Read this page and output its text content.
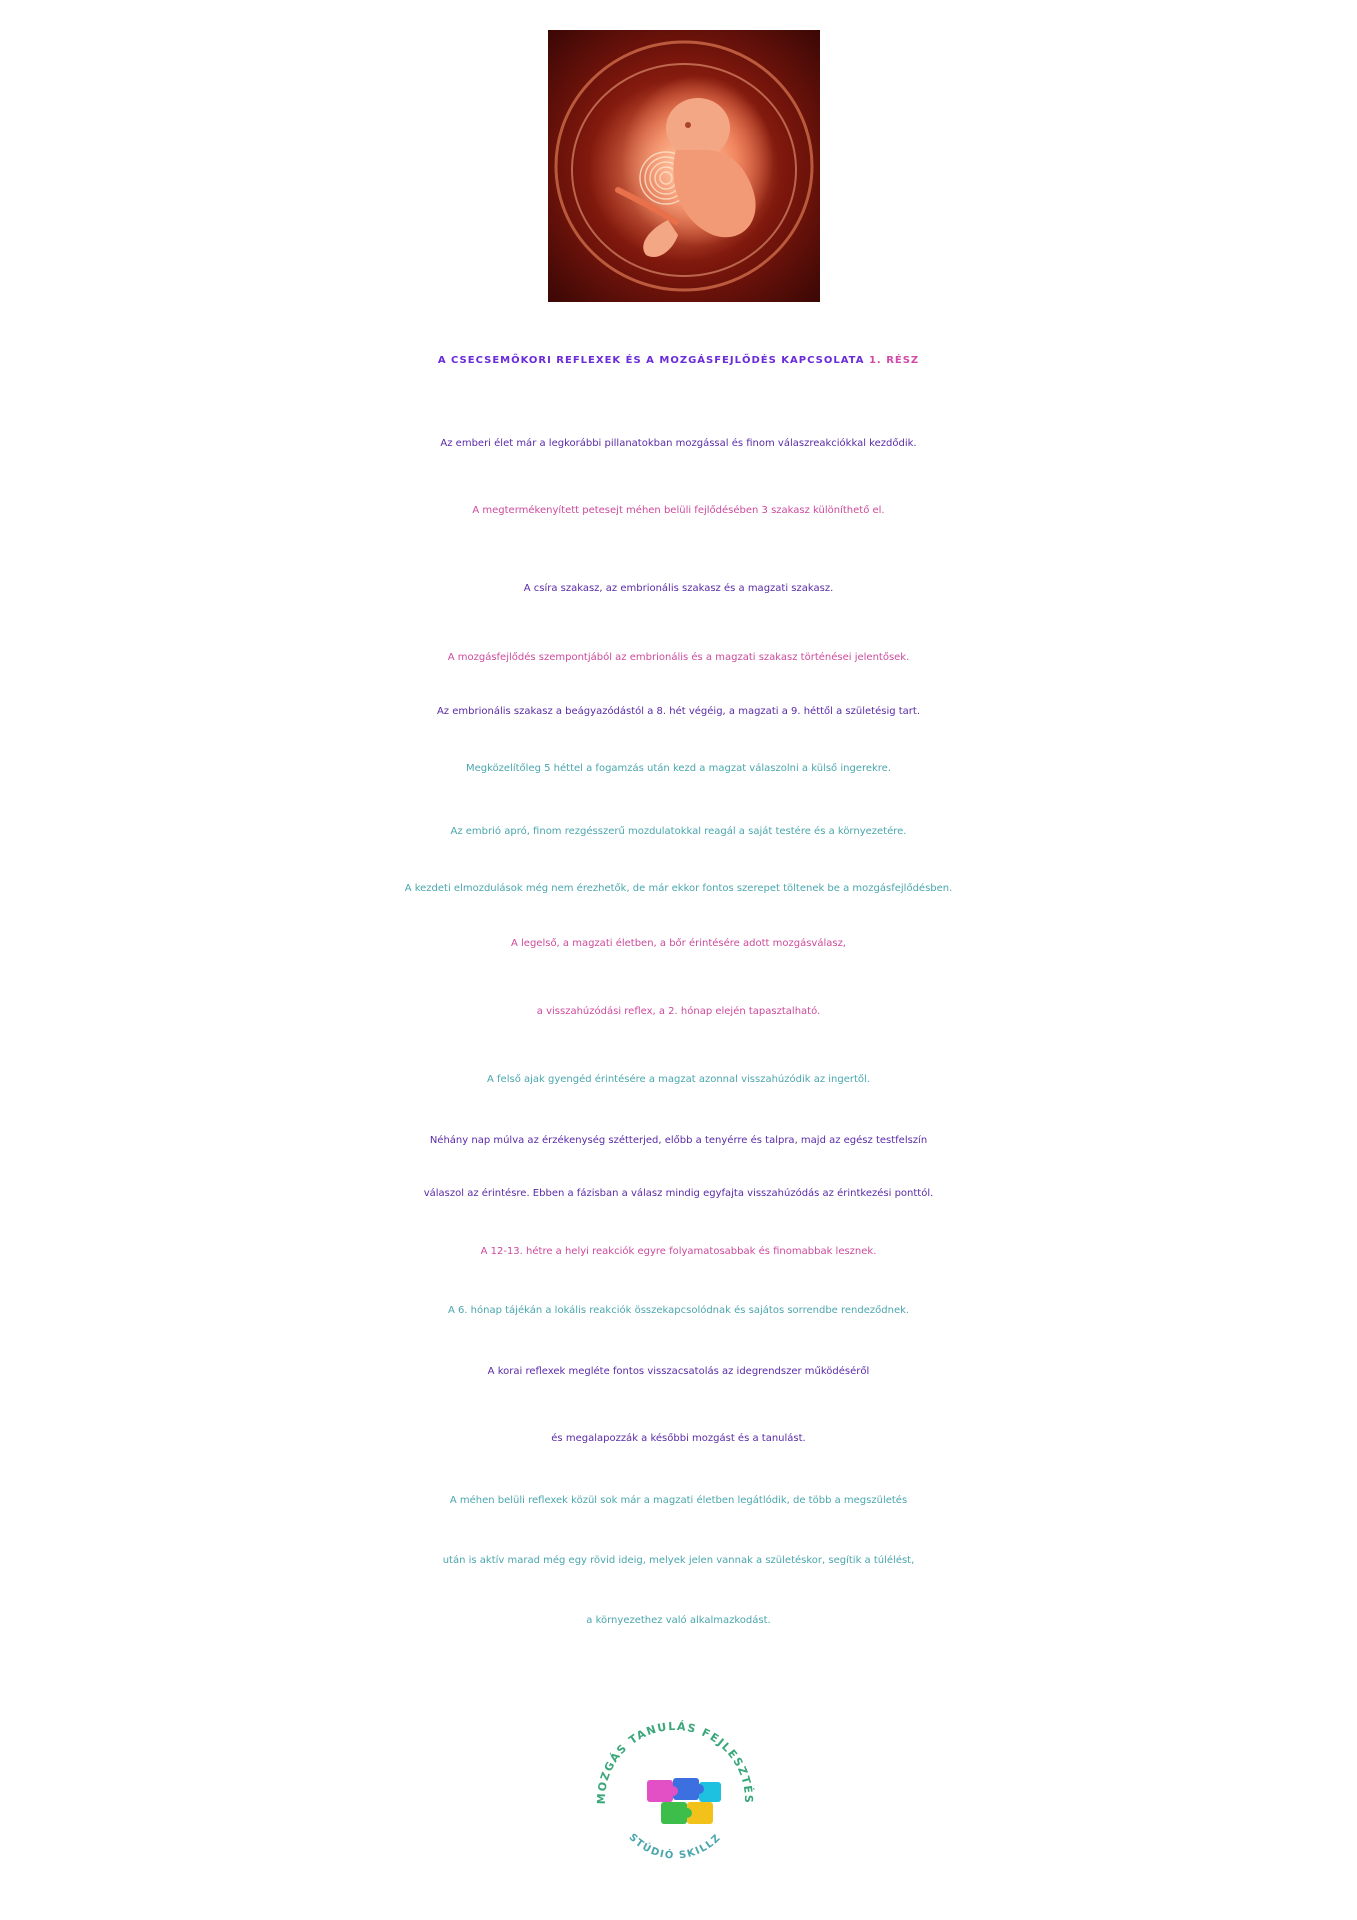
A CSECSEMŐKORI REFLEXEK ÉS A MOZGÁSFEJLŐDÉS KAPCSOLATA 1. RÉSZ
Az emberi élet már a legkorábbi pillanatokban mozgással és finom válaszreakciókkal kezdődik.
A megtermékenyített petesejt méhen belüli fejlődésében 3 szakasz különíthető el.
A csíra szakasz, az embrionális szakasz és a magzati szakasz.
A mozgásfejlődés szempontjából az embrionális és a magzati szakasz történései jelentősek.
Az embrionális szakasz a beágyazódástól a 8. hét végéig, a magzati a 9. héttől a születésig tart.
Megközelítőleg 5 héttel a fogamzás után kezd a magzat válaszolni a külső ingerekre.
Az embrió apró, finom rezgésszerű mozdulatokkal reagál a saját testére és a környezetére.
A kezdeti elmozdulások még nem érezhetők, de már ekkor fontos szerepet töltenek be a mozgásfejlődésben.
A legelső, a magzati életben, a bőr érintésére adott mozgásválasz,
a visszahúzódási reflex, a 2. hónap elején tapasztalható.
A felső ajak gyengéd érintésére a magzat azonnal visszahúzódik az ingertől.
Néhány nap múlva az érzékenység szétterjed, előbb a tenyérre és talpra, majd az egész testfelszín
válaszol az érintésre. Ebben a fázisban a válasz mindig egyfajta visszahúzódás az érintkezési ponttól.
A 12-13. hétre a helyi reakciók egyre folyamatosabbak és finomabbak lesznek.
A 6. hónap tájékán a lokális reakciók összekapcsolódnak és sajátos sorrendbe rendeződnek.
A korai reflexek megléte fontos visszacsatolás az idegrendszer működéséről
és megalapozzák a későbbi mozgást és a tanulást.
A méhen belüli reflexek közül sok már a magzati életben legátlódik, de több a megszületés
után is aktív marad még egy rövid ideig, melyek jelen vannak a születéskor, segítik a túlélést,
a környezethez való alkalmazkodást.
MOZGÁS TANULÁS FEJLESZTÉS
STÚDIÓ SKILLZ
